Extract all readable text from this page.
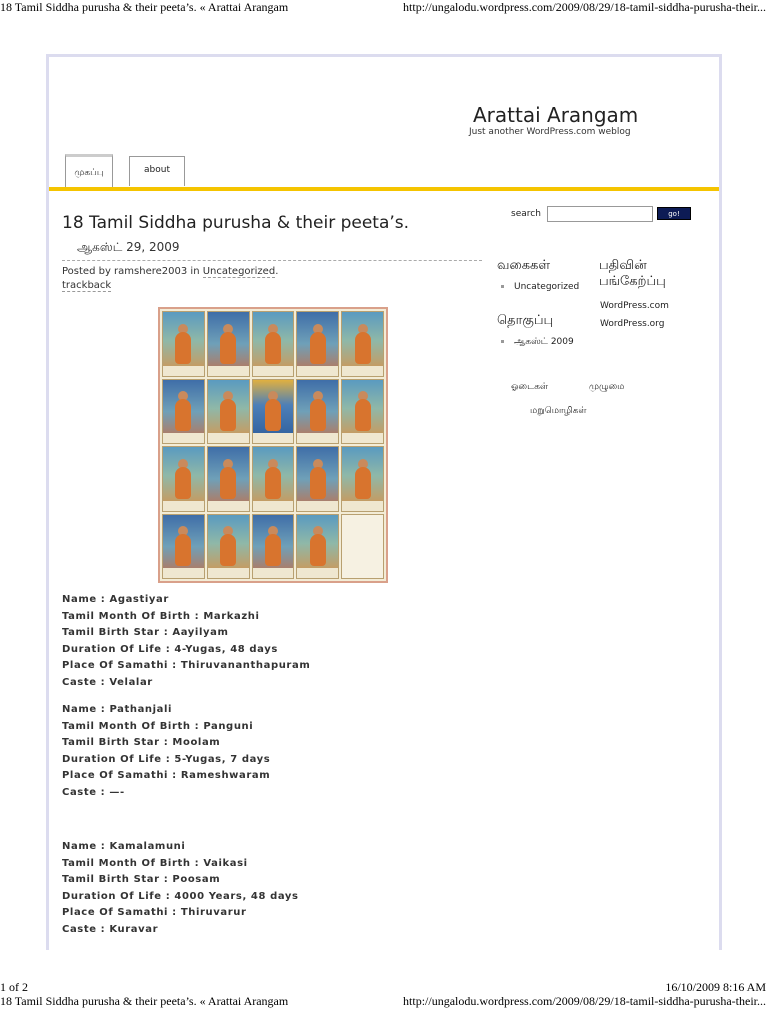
18 Tamil Siddha purusha & their peeta’s. « Arattai Arangam	http://ungalodu.wordpress.com/2009/08/29/18-tamil-siddha-purusha-their...
Arattai Arangam
Just another WordPress.com weblog
முகப்பு	about
18 Tamil Siddha purusha & their peeta’s.
ஆகஸ்ட் 29, 2009
Posted by ramshere2003 in Uncategorized.
trackback
Name : Agastiyar
Tamil Month Of Birth : Markazhi
Tamil Birth Star : Aayilyam
Duration Of Life : 4-Yugas, 48 days
Place Of Samathi : Thiruvananthapuram
Caste : Velalar
Name : Pathanjali
Tamil Month Of Birth : Panguni
Tamil Birth Star : Moolam
Duration Of Life : 5-Yugas, 7 days
Place Of Samathi : Rameshwaram
Caste : —-
Name : Kamalamuni
Tamil Month Of Birth : Vaikasi
Tamil Birth Star : Poosam
Duration Of Life : 4000 Years, 48 days
Place Of Samathi : Thiruvarur
Caste : Kuravar
search	go!
வகைகள்
Uncategorized
தொகுப்பு
ஆகஸ்ட் 2009
பதிவின்
பங்கேற்ப்பு
WordPress.com
WordPress.org
ஓடைகள்	முழுமை
மறுமொழிகள்
1 of 2	16/10/2009 8:16 AM
18 Tamil Siddha purusha & their peeta’s. « Arattai Arangam	http://ungalodu.wordpress.com/2009/08/29/18-tamil-siddha-purusha-their...
